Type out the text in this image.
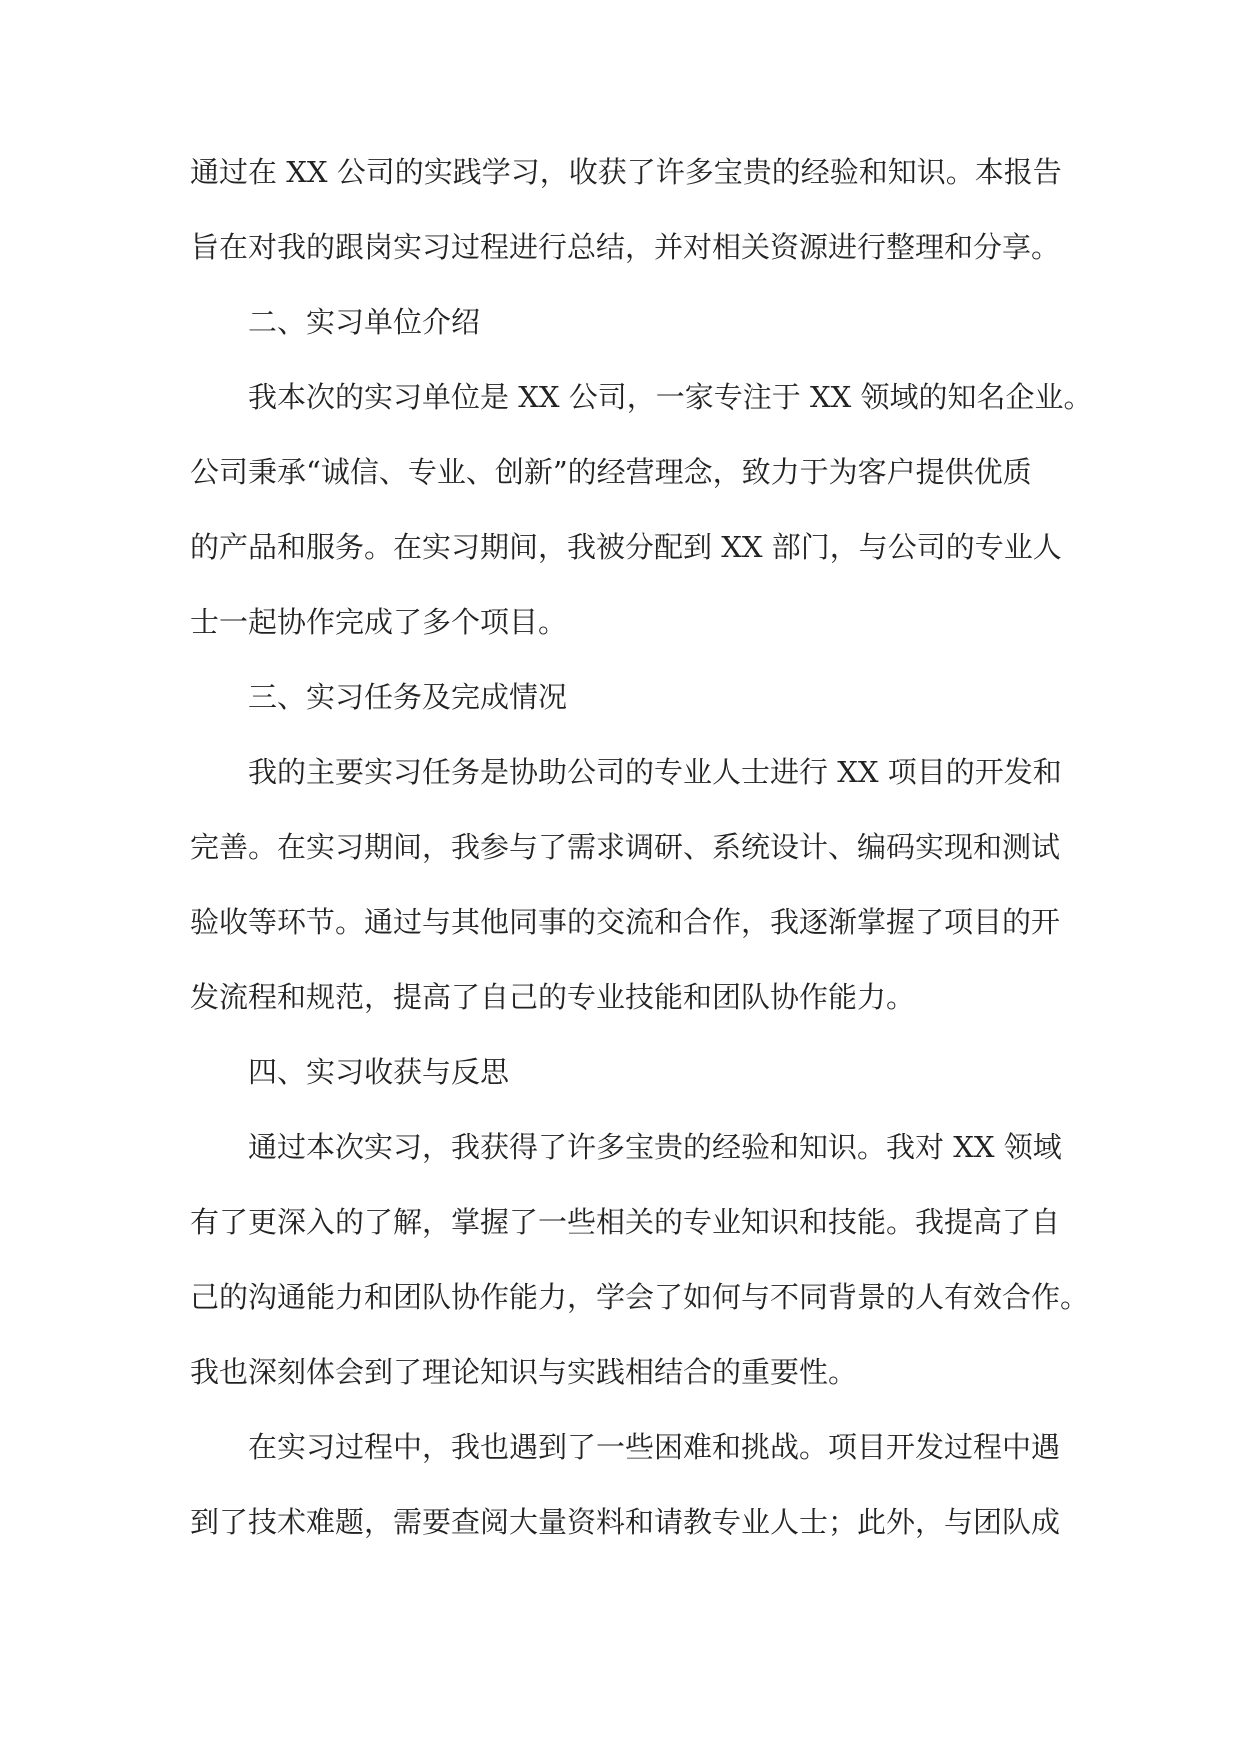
通过在 XX 公司的实践学习，收获了许多宝贵的经验和知识。本报告
旨在对我的跟岗实习过程进行总结，并对相关资源进行整理和分享。
二、实习单位介绍
我本次的实习单位是 XX 公司，一家专注于 XX 领域的知名企业。
公司秉承“诚信、专业、创新”的经营理念，致力于为客户提供优质
的产品和服务。在实习期间，我被分配到 XX 部门，与公司的专业人
士一起协作完成了多个项目。
三、实习任务及完成情况
我的主要实习任务是协助公司的专业人士进行 XX 项目的开发和
完善。在实习期间，我参与了需求调研、系统设计、编码实现和测试
验收等环节。通过与其他同事的交流和合作，我逐渐掌握了项目的开
发流程和规范，提高了自己的专业技能和团队协作能力。
四、实习收获与反思
通过本次实习，我获得了许多宝贵的经验和知识。我对 XX 领域
有了更深入的了解，掌握了一些相关的专业知识和技能。我提高了自
己的沟通能力和团队协作能力，学会了如何与不同背景的人有效合作。
我也深刻体会到了理论知识与实践相结合的重要性。
在实习过程中，我也遇到了一些困难和挑战。项目开发过程中遇
到了技术难题，需要查阅大量资料和请教专业人士；此外，与团队成
